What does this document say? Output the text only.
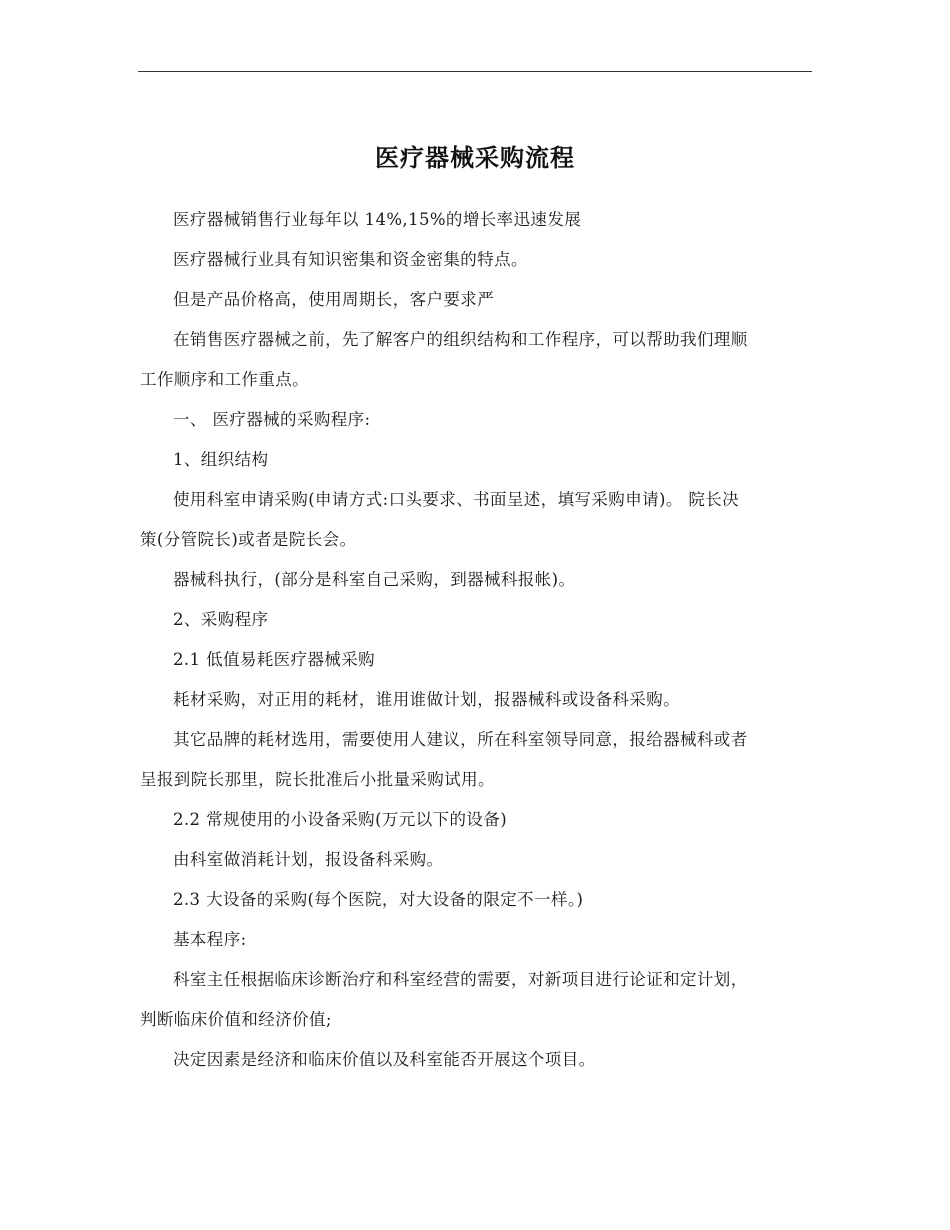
医疗器械采购流程

医疗器械销售行业每年以 14%,15%的增长率迅速发展

医疗器械行业具有知识密集和资金密集的特点。

但是产品价格高，使用周期长，客户要求严

在销售医疗器械之前，先了解客户的组织结构和工作程序，可以帮助我们理顺
工作顺序和工作重点。

一、 医疗器械的采购程序:

1、组织结构

使用科室申请采购(申请方式:口头要求、书面呈述，填写采购申请)。 院长决
策(分管院长)或者是院长会。

器械科执行，(部分是科室自己采购，到器械科报帐)。

2、采购程序

2.1 低值易耗医疗器械采购

耗材采购，对正用的耗材，谁用谁做计划，报器械科或设备科采购。

其它品牌的耗材选用，需要使用人建议，所在科室领导同意，报给器械科或者
呈报到院长那里，院长批准后小批量采购试用。

2.2 常规使用的小设备采购(万元以下的设备)

由科室做消耗计划，报设备科采购。

2.3 大设备的采购(每个医院，对大设备的限定不一样。)

基本程序:

科室主任根据临床诊断治疗和科室经营的需要，对新项目进行论证和定计划，
判断临床价值和经济价值;

决定因素是经济和临床价值以及科室能否开展这个项目。
